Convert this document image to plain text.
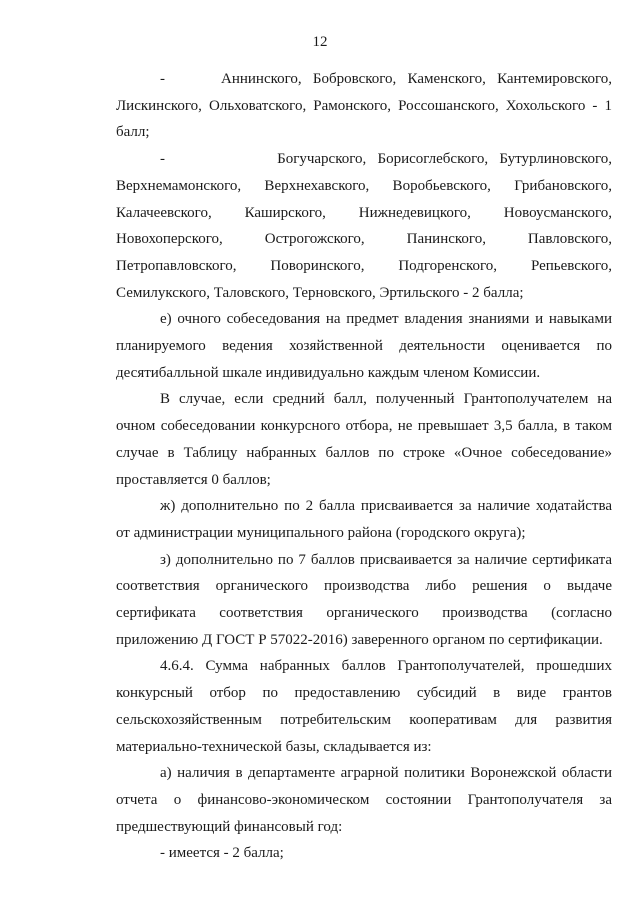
12

-     Аннинского, Бобровского, Каменского, Кантемировского, Лискинского, Ольховатского, Рамонского, Россошанского, Хохольского - 1 балл;

-          Богучарского, Борисоглебского, Бутурлиновского, Верхнемамонского, Верхнехавского, Воробьевского, Грибановского, Калачеевского, Каширского, Нижнедевицкого, Новоусманского, Новохоперского, Острогожского, Панинского, Павловского, Петропавловского, Поворинского, Подгоренского, Репьевского, Семилукского, Таловского, Терновского, Эртильского - 2 балла;

е) очного собеседования на предмет владения знаниями и навыками планируемого ведения хозяйственной деятельности оценивается по десятибалльной шкале индивидуально каждым членом Комиссии.

В случае, если средний балл, полученный Грантополучателем на очном собеседовании конкурсного отбора, не превышает 3,5 балла, в таком случае в Таблицу набранных баллов по строке «Очное собеседование» проставляется 0 баллов;

ж) дополнительно по 2 балла присваивается за наличие ходатайства от администрации муниципального района (городского округа);

з) дополнительно по 7 баллов присваивается за наличие сертификата соответствия органического производства либо решения о выдаче сертификата соответствия органического производства (согласно приложению Д ГОСТ Р 57022-2016) заверенного органом по сертификации.

4.6.4. Сумма набранных баллов Грантополучателей, прошедших конкурсный отбор по предоставлению субсидий в виде грантов сельскохозяйственным потребительским кооперативам для развития материально-технической базы, складывается из:

а) наличия в департаменте аграрной политики Воронежской области отчета о финансово-экономическом состоянии Грантополучателя за предшествующий финансовый год:

- имеется - 2 балла;
